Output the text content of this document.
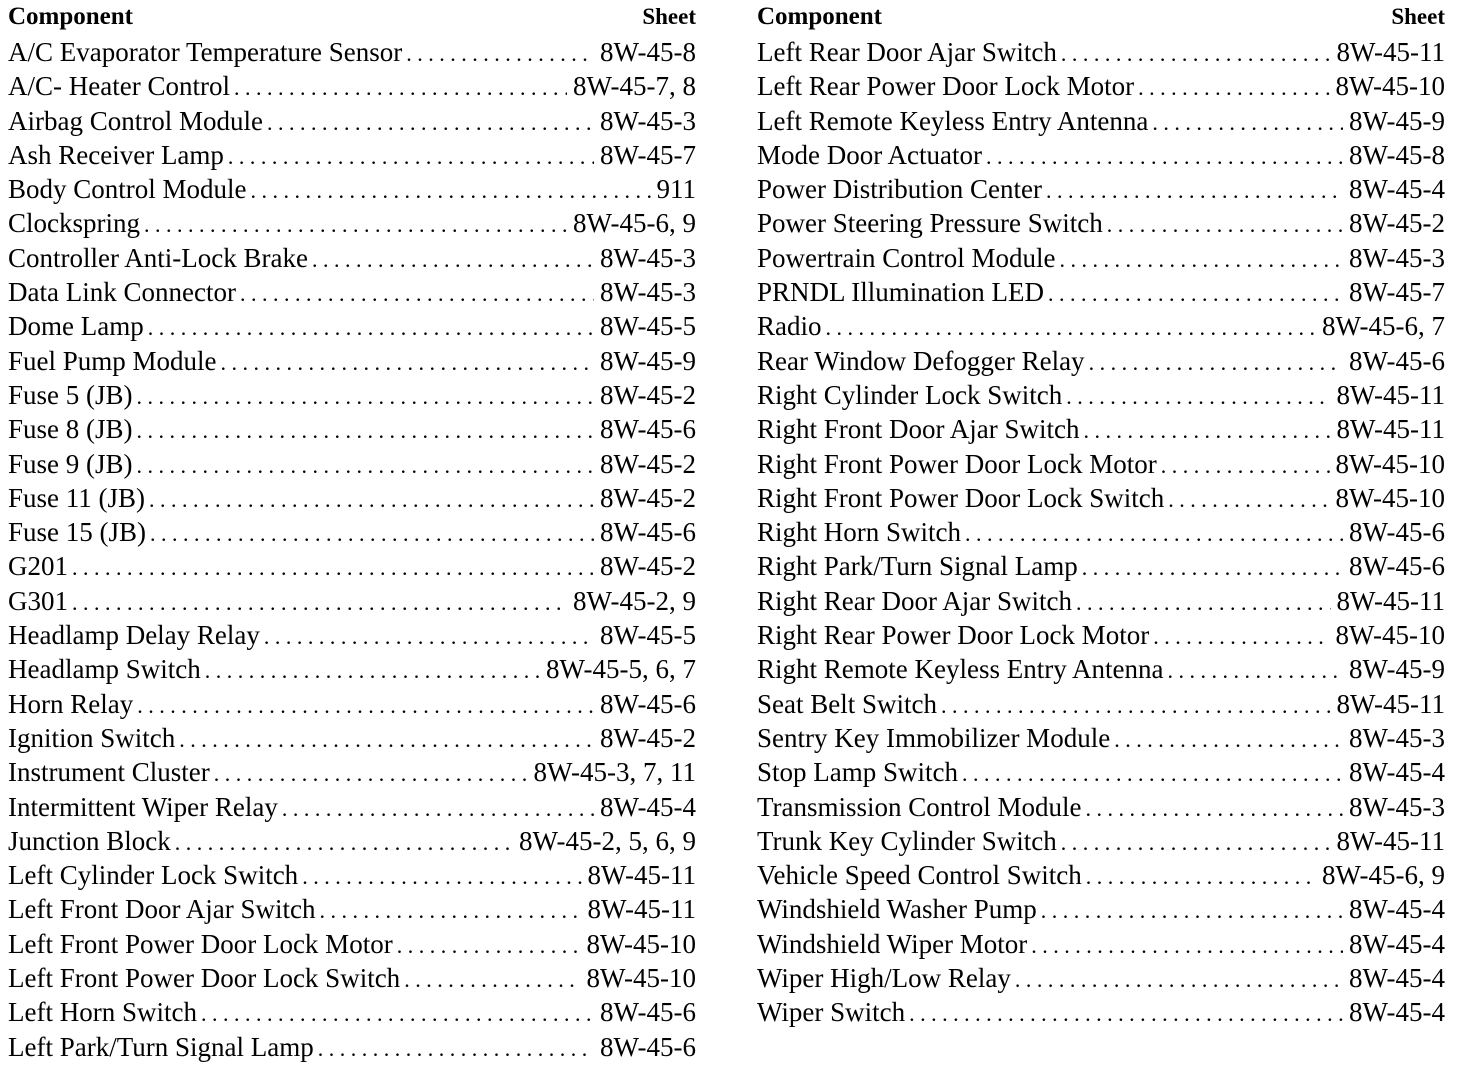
Component	Sheet
A/C Evaporator Temperature Sensor . . .	8W-45-8
A/C- Heater Control . . .	8W-45-7, 8
Airbag Control Module . . .	8W-45-3
Ash Receiver Lamp . . .	8W-45-7
Body Control Module . . .	911
Clockspring . . .	8W-45-6, 9
Controller Anti-Lock Brake . . .	8W-45-3
Data Link Connector . . .	8W-45-3
Dome Lamp . . .	8W-45-5
Fuel Pump Module . . .	8W-45-9
Fuse 5 (JB) . . .	8W-45-2
Fuse 8 (JB) . . .	8W-45-6
Fuse 9 (JB) . . .	8W-45-2
Fuse 11 (JB) . . .	8W-45-2
Fuse 15 (JB) . . .	8W-45-6
G201 . . .	8W-45-2
G301 . . .	8W-45-2, 9
Headlamp Delay Relay . . .	8W-45-5
Headlamp Switch . . .	8W-45-5, 6, 7
Horn Relay . . .	8W-45-6
Ignition Switch . . .	8W-45-2
Instrument Cluster . . .	8W-45-3, 7, 11
Intermittent Wiper Relay . . .	8W-45-4
Junction Block . . .	8W-45-2, 5, 6, 9
Left Cylinder Lock Switch . . .	8W-45-11
Left Front Door Ajar Switch . . .	8W-45-11
Left Front Power Door Lock Motor . . .	8W-45-10
Left Front Power Door Lock Switch . . .	8W-45-10
Left Horn Switch . . .	8W-45-6
Left Park/Turn Signal Lamp . . .	8W-45-6
Component	Sheet
Left Rear Door Ajar Switch . . .	8W-45-11
Left Rear Power Door Lock Motor . . .	8W-45-10
Left Remote Keyless Entry Antenna . . .	8W-45-9
Mode Door Actuator . . .	8W-45-8
Power Distribution Center . . .	8W-45-4
Power Steering Pressure Switch . . .	8W-45-2
Powertrain Control Module . . .	8W-45-3
PRNDL Illumination LED . . .	8W-45-7
Radio . . .	8W-45-6, 7
Rear Window Defogger Relay . . .	8W-45-6
Right Cylinder Lock Switch . . .	8W-45-11
Right Front Door Ajar Switch . . .	8W-45-11
Right Front Power Door Lock Motor . . .	8W-45-10
Right Front Power Door Lock Switch . . .	8W-45-10
Right Horn Switch . . .	8W-45-6
Right Park/Turn Signal Lamp . . .	8W-45-6
Right Rear Door Ajar Switch . . .	8W-45-11
Right Rear Power Door Lock Motor . . .	8W-45-10
Right Remote Keyless Entry Antenna . . .	8W-45-9
Seat Belt Switch . . .	8W-45-11
Sentry Key Immobilizer Module . . .	8W-45-3
Stop Lamp Switch . . .	8W-45-4
Transmission Control Module . . .	8W-45-3
Trunk Key Cylinder Switch . . .	8W-45-11
Vehicle Speed Control Switch . . .	8W-45-6, 9
Windshield Washer Pump . . .	8W-45-4
Windshield Wiper Motor . . .	8W-45-4
Wiper High/Low Relay . . .	8W-45-4
Wiper Switch . . .	8W-45-4
